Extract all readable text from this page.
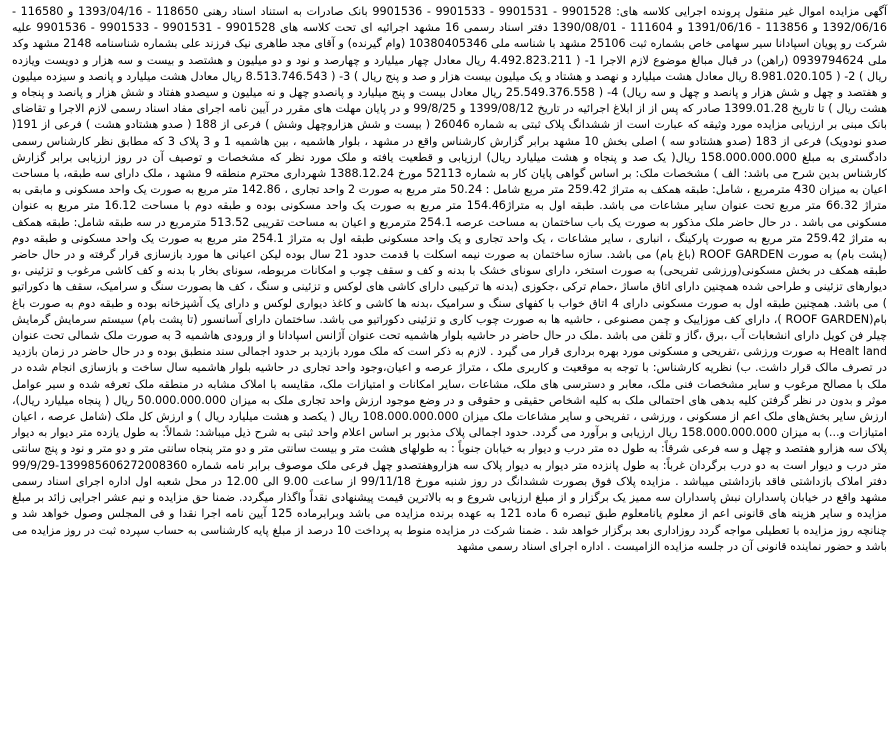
آگهی مزایده اموال غیر منقول پرونده اجرایی کلاسه های: 9901528 - 9901531 - 9901533 - 9901536 بانک صادرات به استناد اسناد رهنی 118650 - 1393/04/16 و 116580 - 1392/06/16 و 113856 - 1391/06/16 و 111604 - 1390/08/01 دفتر اسناد رسمی 16 مشهد اجرائیه ای تحت کلاسه های 9901528 - 9901531 - 9901533 - 9901536 علیه شرکت رو پویان اسپادانا سیر سهامی خاص بشماره ثبت 25106 مشهد با شناسه ملی 10380405346 (وام گیرنده) و آقای مجد طاهری نیک فرزند علی بشماره شناسنامه 2148 مشهد وکد ملی 0939794624 (راهن) در قبال مبالغ موضوع لازم الاجرا 1- ( 4.492.823.211 ریال معادل چهار میلیارد و چهارصد و نود و دو میلیون و هشتصد و بیست و سه هزار و دویست ویازده ریال ) 2- ( 8.981.020.105 ریال معادل هشت میلیارد و نهصد و هشتاد و یک میلیون بیست هزار و صد و پنج ریال ) 3- ( 8.513.746.543 ریال معادل هشت میلیارد و پانصد و سیزده میلیون و هفتصد و چهل و شش هزار و پانصد و چهل و سه ریال) 4- ( 25.549.376.558 ریال معادل بیست و پنج میلیارد و پانصدو چهل و نه میلیون و سیصدو هفتاد و شش هزار و پانصد و پنجاه و هشت ریال ) تا تاریخ 1399.01.28 صادر که پس از از ابلاغ اجرائیه در تاریخ 1399/08/12 و 99/8/25 و در پایان مهلت های مقرر در آیین نامه اجرای مفاد اسناد رسمی لازم الاجرا و تقاضای بانک مبنی بر ارزیابی مزایده مورد وثیقه که عبارت است از ششدانگ پلاک ثبتی به شماره 26046 ( بیست و شش هزاروچهل وشش ) فرعی از 188 ( صدو هشتادو هشت ) فرعی از 191( صدو نودویک) فرعی از 183 (صدو هشتادو سه ) اصلی بخش 10 مشهد برابر گزارش کارشناس واقع در مشهد ، بلوار هاشمیه ، بین هاشمیه 1 و 3 پلاک 3 که مطابق نظر کارشناس رسمی دادگستری به مبلغ 158.000.000.000 ریال( یک صد و پنجاه و هشت میلیارد ریال) ارزیابی و قطعیت یافته و ملک مورد نظر که مشخصات و توصیف آن در روز ارزیابی برابر گزارش کارشناس بدین شرح می باشد: الف ) مشخصات ملک: بر اساس گواهی پایان کار به شماره 52113 مورخ 1388.12.24 شهرداری محترم منطقه 9 مشهد ، ملک دارای سه طبقه، با مساحت اعیان به میزان 430 مترمربع ، شامل: طبقه همکف به متراژ 259.42 متر مربع شامل : 50.24 متر مربع به صورت 2 واحد تجاری ، 142.86 متر مربع به صورت یک واحد مسکونی و مابقی به متراژ 66.32 متر مربع تحت عنوان سایر مشاعات می باشد. طبقه اول به متراژ154.46 متر مربع به صورت یک واحد مسکونی بوده و طبقه دوم با مساحت 16.12 متر مربع به عنوان مسکونی می باشد . در حال حاضر ملک مذکور به صورت یک باب ساختمان به مساحت عرصه 254.1 مترمربع و اعیان به مساحت تقریبی 513.52 مترمربع در سه طبقه شامل: طبقه همکف به متراژ 259.42 متر مربع به صورت پارکینگ ، انباری ، سایر مشاعات ، یک واحد تجاری و یک واحد مسکونی طبقه اول به متراژ 254.1 متر مربع به صورت یک واحد مسکونی و طبقه دوم (پشت بام) به صورت ROOF GARDEN (باغ بام) می باشد. سازه ساختمان به صورت نیمه اسکلت با قدمت حدود 21 سال بوده لیکن اعیانی ها مورد بازسازی قرار گرفته و در حال حاضر طبقه همکف در بخش مسکونی(ورزشی تفریحی) به صورت استخر، دارای سونای خشک با بدنه و کف و سقف چوب و امکانات مربوطه، سونای بخار با بدنه و کف کاشی مرغوب و تزئینی ،و دیوارهای تزئینی و طراحی شده همچنین دارای اتاق ماساژ ،حمام ترکی ،جکوزی (بدنه ها ترکیبی دارای کاشی های لوکس و تزئینی و سنگ ، کف ها بصورت سنگ و سرامیک، سقف ها دکوراتیو ) می باشد. همچنین طبقه اول به صورت مسکونی دارای 4 اتاق خواب با کفهای سنگ و سرامیک ،بدنه ها کاشی و کاغذ دیواری لوکس و دارای یک آشپزخانه بوده و طبقه دوم به صورت باغ بام(ROOF GARDEN )، دارای کف موزاییک و چمن مصنوعی ، حاشیه ها به صورت چوب کاری و تزئینی دکوراتیو می باشد. ساختمان دارای آسانسور (تا پشت بام) سیستم سرمایش گرمایش چیلر فن کویل دارای انشعابات آب ،برق ،گاز و تلفن می باشد .ملک در حال حاضر در حاشیه بلوار هاشمیه تحت عنوان آژانس اسپادانا و از ورودی هاشمیه 3 به صورت ملک شمالی تحت عنوان Healt land به صورت ورزشی ،تفریحی و مسکونی مورد بهره برداری قرار می گیرد . لازم به ذکر است که ملک مورد بازدید بر حدود اجمالی سند منطبق بوده و در حال حاضر در زمان بازدید در تصرف مالک قرار داشت. ب) نظریه کارشناس: با توجه به موقعیت و کاربری ملک ، متراژ عرصه و اعیان،وجود واحد تجاری در حاشیه بلوار هاشمیه سال ساخت و بازسازی انجام شده در ملک با مصالح مرغوب و سایر مشخصات فنی ملک، معابر و دسترسی های ملک، مشاعات ،سایر امکانات و امتیازات ملک، مقایسه با املاک مشابه در منطقه ملک تعرفه شده و سیر عوامل موثر و بدون در نظر گرفتن کلیه بدهی های احتمالی ملک به کلیه اشخاص حقیقی و حقوقی و در وضع موجود ارزش واحد تجاری ملک به میزان 50.000.000.000 ریال ( پنجاه میلیارد ریال)، ارزش سایر بخش‌های ملک اعم از مسکونی ، ورزشی ، تفریحی و سایر مشاعات ملک میزان 108.000.000.000 ریال ( یکصد و هشت میلیارد ریال ) و ارزش کل ملک (شامل عرصه ، اعیان امتیازات و...) به میزان 158.000.000.000 ریال ارزیابی و برآورد می گردد. حدود اجمالی پلاک مذبور بر اساس اعلام واحد ثبتی به شرح ذیل میباشد: شمالاً: به طول یازده متر دیوار به دیوار پلاک سه هزارو هفتصد و چهل و سه فرعی شرقاً: به طول ده متر درب و دیوار به خیابان جنوباً : به طولهای هشت متر و بیست سانتی متر و دو متر پنجاه سانتی متر و دو متر و نود و پنج سانتی متر درب و دیوار است به دو درب برگردان غرباً: به طول پانزده متر دیوار به دیوار پلاک سه هزاروهفتصدو چهل فرعی ملک موصوف برابر نامه شماره 139985606272008360-99/9/29 دفتر املاک بازداشتی فاقد بازداشتی میباشد . مزایده پلاک فوق بصورت ششدانگ در روز شنبه مورخ 99/11/18 از ساعت 9.00 الی 12.00 در محل شعبه اول اداره اجرای اسناد رسمی مشهد واقع در خیابان پاسداران نبش پاسداران سه ممیز یک برگزار و از مبلغ ارزیابی شروع و به بالاترین قیمت پیشنهادی نقداً واگذار میگردد. ضمنا حق مزایده و نیم عشر اجرایی زائد بر مبلغ مزایده و سایر هزینه های قانونی اعم از معلوم یانامعلوم طبق تبصره 6 ماده 121 به عهده برنده مزایده می باشد وبرابرماده 125 آیین نامه اجرا نقدا و فی المجلس وصول خواهد شد و چنانچه روز مزایده با تعطیلی مواجه گردد روزاداری بعد برگزار خواهد شد . ضمنا شرکت در مزایده منوط به پرداخت 10 درصد از مبلغ پایه کارشناسی به حساب سپرده ثبت در روز مزایده می باشد و حضور نماینده قانونی آن در جلسه مزایده الزامیست . اداره اجرای اسناد رسمی مشهد
